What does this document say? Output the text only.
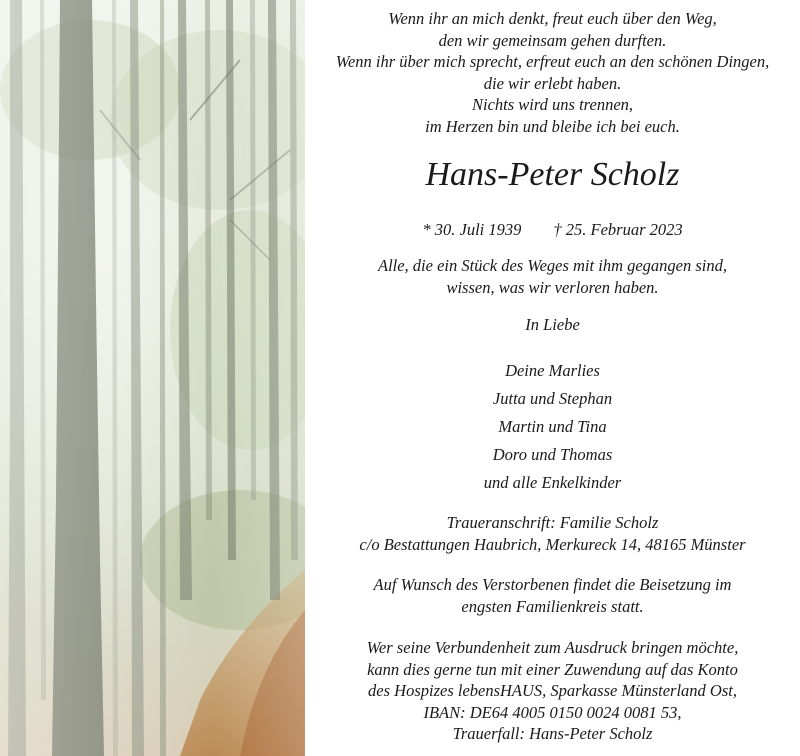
Wenn ihr an mich denkt, freut euch über den Weg,
den wir gemeinsam gehen durften.
Wenn ihr über mich sprecht, erfreut euch an den schönen Dingen,
die wir erlebt haben.
Nichts wird uns trennen,
im Herzen bin und bleibe ich bei euch.
Hans-Peter Scholz
* 30. Juli 1939 † 25. Februar 2023
Alle, die ein Stück des Weges mit ihm gegangen sind,
wissen, was wir verloren haben.
In Liebe
Deine Marlies
Jutta und Stephan
Martin und Tina
Doro und Thomas
und alle Enkelkinder
Traueranschrift: Familie Scholz
c/o Bestattungen Haubrich, Merkureck 14, 48165 Münster
Auf Wunsch des Verstorbenen findet die Beisetzung im
engsten Familienkreis statt.
Wer seine Verbundenheit zum Ausdruck bringen möchte,
kann dies gerne tun mit einer Zuwendung auf das Konto
des Hospizes lebensHAUS, Sparkasse Münsterland Ost,
IBAN: DE64 4005 0150 0024 0081 53,
Trauerfall: Hans-Peter Scholz
